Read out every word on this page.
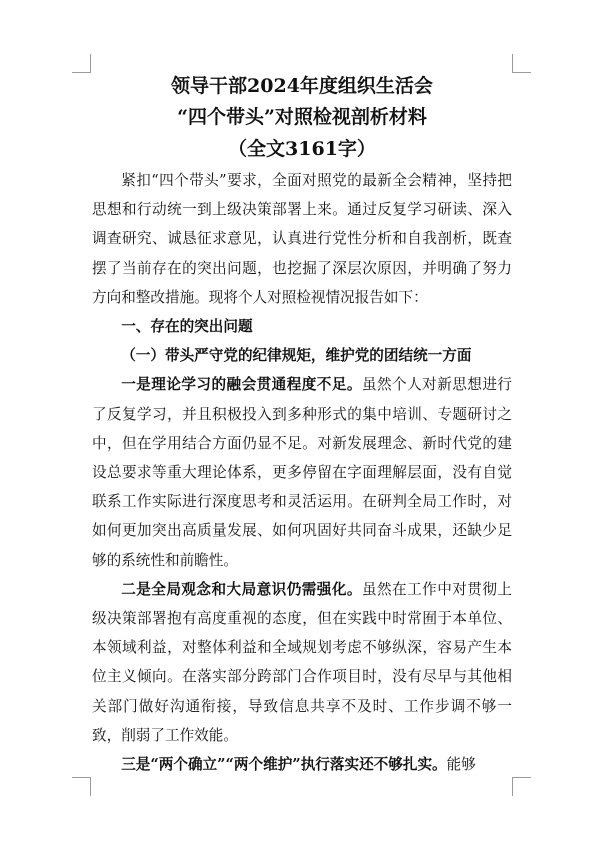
领导干部2024年度组织生活会
“四个带头”对照检视剖析材料
（全文3161字）

紧扣“四个带头”要求，全面对照党的最新全会精神，坚持把思想和行动统一到上级决策部署上来。通过反复学习研读、深入调查研究、诚恳征求意见，认真进行党性分析和自我剖析，既查摆了当前存在的突出问题，也挖掘了深层次原因，并明确了努力方向和整改措施。现将个人对照检视情况报告如下：

一、存在的突出问题

（一）带头严守党的纪律规矩，维护党的团结统一方面

一是理论学习的融会贯通程度不足。虽然个人对新思想进行了反复学习，并且积极投入到多种形式的集中培训、专题研讨之中，但在学用结合方面仍显不足。对新发展理念、新时代党的建设总要求等重大理论体系，更多停留在字面理解层面，没有自觉联系工作实际进行深度思考和灵活运用。在研判全局工作时，对如何更加突出高质量发展、如何巩固好共同奋斗成果，还缺少足够的系统性和前瞻性。

二是全局观念和大局意识仍需强化。虽然在工作中对贯彻上级决策部署抱有高度重视的态度，但在实践中时常囿于本单位、本领域利益，对整体利益和全域规划考虑不够纵深，容易产生本位主义倾向。在落实部分跨部门合作项目时，没有尽早与其他相关部门做好沟通衔接，导致信息共享不及时、工作步调不够一致，削弱了工作效能。

三是“两个确立”“两个维护”执行落实还不够扎实。能够
